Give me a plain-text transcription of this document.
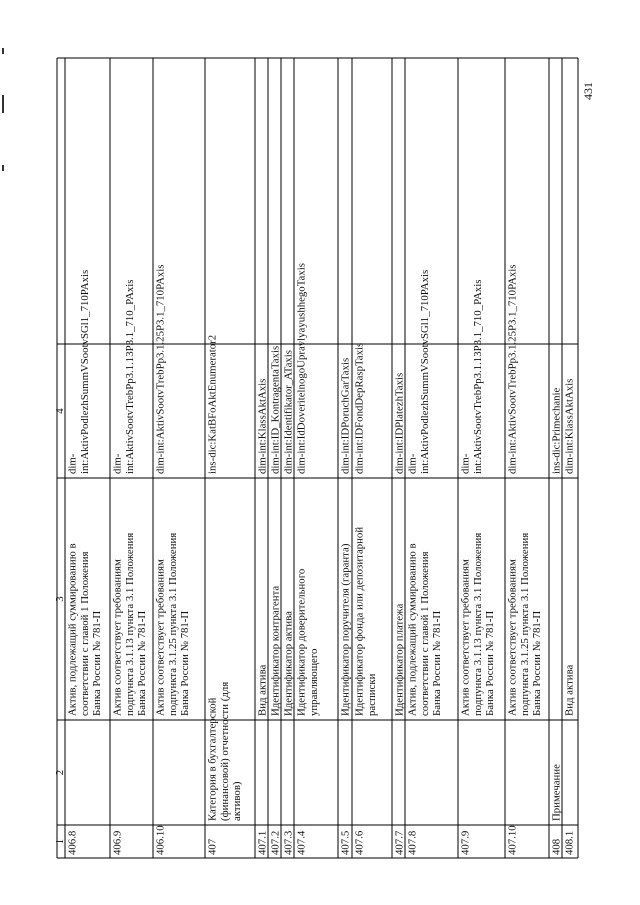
431
1
2
3
4
406.8
Актив, подлежащий суммированию в соответствии с главой 1 Положения Банка России № 781-П
dim- int:AktivPodlezhSummVSootvSGl1_710PAxis
406.9
Актив соответствует требованиям подпункта 3.1.13 пункта 3.1 Положения Банка России № 781-П
dim- int:AktivSootvTrebPp3.1.13P3.1_710_PAxis
406.10
Актив соответствует требованиям подпункта 3.1.25 пункта 3.1 Положения Банка России № 781-П
dim-int:AktivSootvTrebPp3.1.25P3.1_710PAxis
407
Категория в бухгалтерской (финансовой) отчетности (для активов)
ins-dic:KatBFoAktEnumerator2
407.1
Вид актива
dim-int:KlassAktAxis
407.2
Идентификатор контрагента
dim-int:ID_KontragentaTaxis
407.3
Идентификатор актива
dim-int:Identifikator_ATaxis
407.4
Идентификатор доверительного управляющего
dim-int:IdDoveritelnogoUpravlyayushhegoTaxis
407.5
Идентификатор поручителя (гаранта)
dim-int:IDPoruchGarTaxis
407.6
Идентификатор фонда или депозитарной расписки
dim-int:IDFondDepRaspTaxis
407.7
Идентификатор платежа
dim-int:IDPlatezhTaxis
407.8
Актив, подлежащий суммированию в соответствии с главой 1 Положения Банка России № 781-П
dim- int:AktivPodlezhSummVSootvSGl1_710PAxis
407.9
Актив соответствует требованиям подпункта 3.1.13 пункта 3.1 Положения Банка России № 781-П
dim- int:AktivSootvTrebPp3.1.13P3.1_710_PAxis
407.10
Актив соответствует требованиям подпункта 3.1.25 пункта 3.1 Положения Банка России № 781-П
dim-int:AktivSootvTrebPp3.1.25P3.1_710PAxis
408
Примечание
ins-dic:Primechanie
408.1
Вид актива
dim-int:KlassAktAxis
